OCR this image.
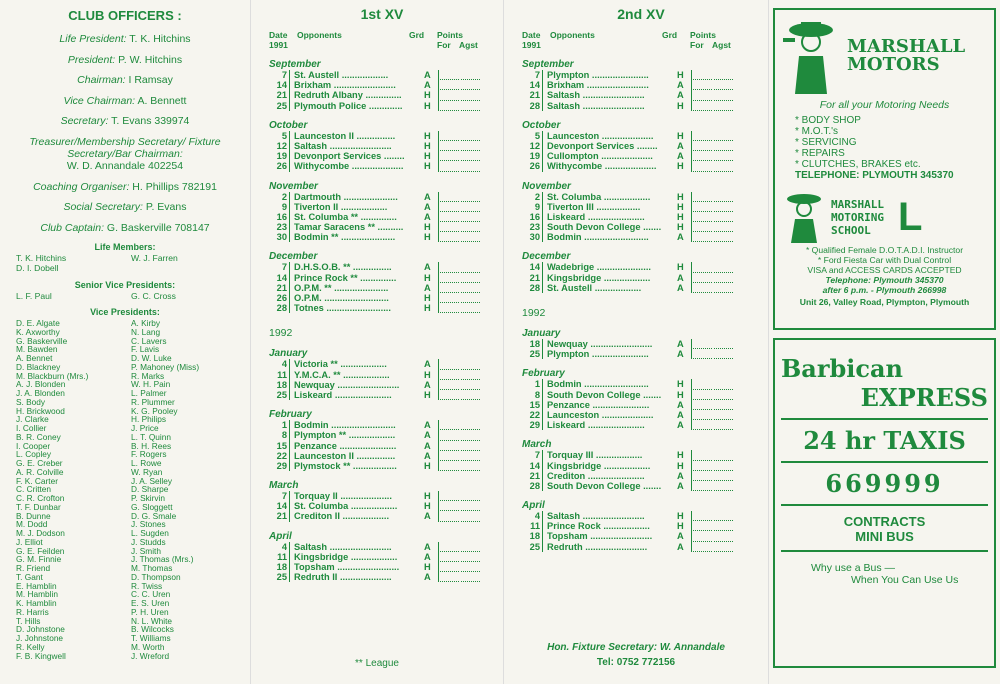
CLUB OFFICERS :
Life President: T. K. Hitchins
President: P. W. Hitchins
Chairman: I Ramsay
Vice Chairman: A. Bennett
Secretary: T. Evans 339974
Treasurer/Membership Secretary/ Fixture Secretary/Bar Chairman:
W. D. Annandale 402254
Coaching Organiser: H. Phillips 782191
Social Secretary: P. Evans
Club Captain: G. Baskerville 708147
Life Members:
T. K. Hitchins
D. I. Dobell
W. J. Farren
Senior Vice Presidents:
L. F. Paul	G. C. Cross
Vice Presidents:
D. E. Algate
K. Axworthy
G. Baskerville
M. Bawden
A. Bennet
D. Blackney
M. Blackburn (Mrs.)
A. J. Blonden
J. A. Blonden
S. Body
H. Brickwood
J. Clarke
I. Collier
B. R. Coney
I. Cooper
L. Copley
G. E. Creber
A. R. Colville
F. K. Carter
C. Critten
C. R. Crofton
T. F. Dunbar
B. Dunne
M. Dodd
M. J. Dodson
J. Elliot
G. E. Feilden
G. M. Finnie
R. Friend
T. Gant
E. Hamblin
M. Hamblin
K. Hamblin
R. Harris
T. Hills
D. Johnstone
J. Johnstone
R. Kelly
F. B. Kingwell
A. Kirby
N. Lang
C. Lavers
F. Lavis
D. W. Luke
P. Mahoney (Miss)
R. Marks
W. H. Pain
L. Palmer
R. Plummer
K. G. Pooley
H. Philips
J. Price
L. T. Quinn
B. H. Rees
F. Rogers
L. Rowe
W. Ryan
J. A. Selley
D. Sharpe
P. Skirvin
G. Sloggett
D. G. Smale
J. Stones
L. Sugden
J. Studds
J. Smith
J. Thomas (Mrs.)
M. Thomas
D. Thompson
R. Twiss
C. C. Uren
E. S. Uren
P. H. Uren
N. L. White
B. Wilcocks
T. Williams
M. Worth
J. Wreford
1st XV
Date	Opponents	Grd	Points
1991	For Agst
September
7 St. Austell ..................	A
14 Brixham ........................	A
21 Redruth Albany ..............	H
25 Plymouth Police .............	H
October
5 Launceston II ...............	H
12 Saltash ........................	H
19 Devonport Services ........	H
26 Withycombe ....................	H
November
2 Dartmouth .....................	A
9 Tiverton II ..................	A
16 St. Columba ** ..............	A
23 Tamar Saracens ** ..........	H
30 Bodmin ** .....................	H
December
7 D.H.S.O.B. ** ...............	A
14 Prince Rock ** ..............	H
21 O.P.M. ** .....................	A
26 O.P.M. .........................	H
28 Totnes .........................	H
1992
January
4 Victoria ** ..................	A
11 Y.M.C.A. ** ..................	H
18 Newquay ........................	A
25 Liskeard ......................	H
February
1 Bodmin .........................	A
8 Plympton ** ..................	A
15 Penzance ......................	A
22 Launceston II ...............	A
29 Plymstock ** .................	H
March
7 Torquay II ....................	H
14 St. Columba ..................	H
21 Crediton II ..................	A
April
4 Saltash ........................	A
11 Kingsbridge ..................	A
18 Topsham ........................	H
25 Redruth II ....................	A
** League
2nd XV
Date	Opponents	Grd	Points
1991	For Agst
September
7 Plympton ......................	H
14 Brixham ........................	A
21 Saltash ........................	A
28 Saltash ........................	H
October
5 Launceston ....................	H
12 Devonport Services ........	A
19 Cullompton ....................	A
26 Withycombe ....................	H
November
2 St. Columba ..................	H
9 Tiverton III .................	H
16 Liskeard ......................	H
23 South Devon College .......	H
30 Bodmin .........................	A
December
14 Wadebrige .....................	H
21 Kingsbridge ..................	A
28 St. Austell ..................	A
1992
January
18 Newquay ........................	A
25 Plympton ......................	A
February
1 Bodmin .........................	H
8 South Devon College .......	H
15 Penzance ......................	A
22 Launceston ....................	A
29 Liskeard ......................	A
March
7 Torquay III ..................	H
14 Kingsbridge ..................	H
21 Crediton ......................	A
28 South Devon College .......	A
April
4 Saltash ........................	H
11 Prince Rock ..................	H
18 Topsham ........................	A
25 Redruth ........................	A
Hon. Fixture Secretary: W. Annandale
Tel: 0752 772156
MARSHALL
MOTORS
For all your Motoring Needs
* BODY SHOP
* M.O.T.'s
* SERVICING
* REPAIRS
* CLUTCHES, BRAKES etc.
TELEPHONE: PLYMOUTH 345370
MARSHALL
MOTORING
SCHOOL L
* Qualified Female D.O.T.A.D.I. Instructor
* Ford Fiesta Car with Dual Control
VISA and ACCESS CARDS ACCEPTED
Telephone: Plymouth 345370
after 6 p.m. - Plymouth 266998
Unit 26, Valley Road, Plympton, Plymouth
Barbican
EXPRESS
24 hr TAXIS
669999
CONTRACTS
MINI BUS
Why use a Bus —
When You Can Use Us
